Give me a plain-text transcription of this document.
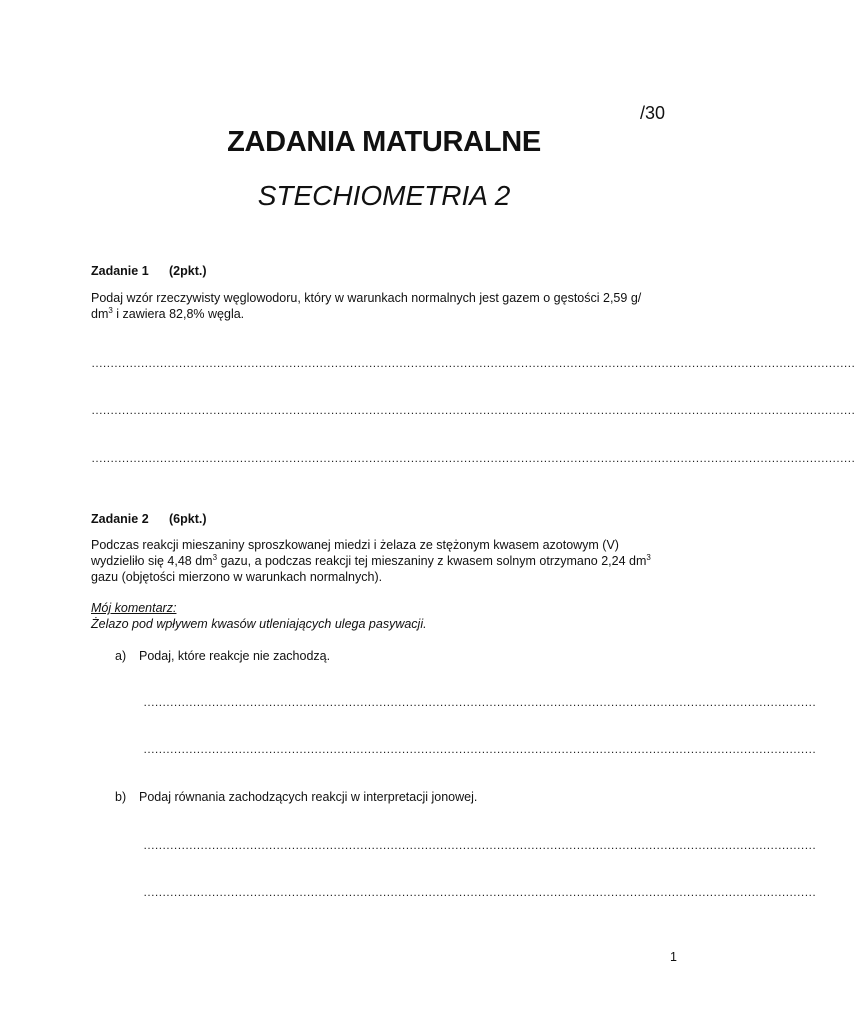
/30
ZADANIA MATURALNE
STECHIOMETRIA 2
Zadanie 1 (2pkt.)
Podaj wzór rzeczywisty węglowodoru, który w warunkach normalnych jest gazem o gęstości 2,59 g/
$dm^3$ i zawiera 82,8% węgla.
…………………………………………………………………………………………………………………………………………………………………………………
…………………………………………………………………………………………………………………………………………………………………………………
…………………………………………………………………………………………………………………………………………………………………………………
Zadanie 2 (6pkt.)
Podczas reakcji mieszaniny sproszkowanej miedzi i żelaza ze stężonym kwasem azotowym (V)
wydzieliło się 4,48 $dm^3$ gazu, a podczas reakcji tej mieszaniny z kwasem solnym otrzymano 2,24 $dm^3$
gazu (objętości mierzono w warunkach normalnych).
Mój komentarz:
Żelazo pod wpływem kwasów utleniających ulega pasywacji.
a) Podaj, które reakcje nie zachodzą.
……………………………………………………………………………………………………………………………………………………………
……………………………………………………………………………………………………………………………………………………………
b) Podaj równania zachodzących reakcji w interpretacji jonowej.
……………………………………………………………………………………………………………………………………………………………
……………………………………………………………………………………………………………………………………………………………
1
